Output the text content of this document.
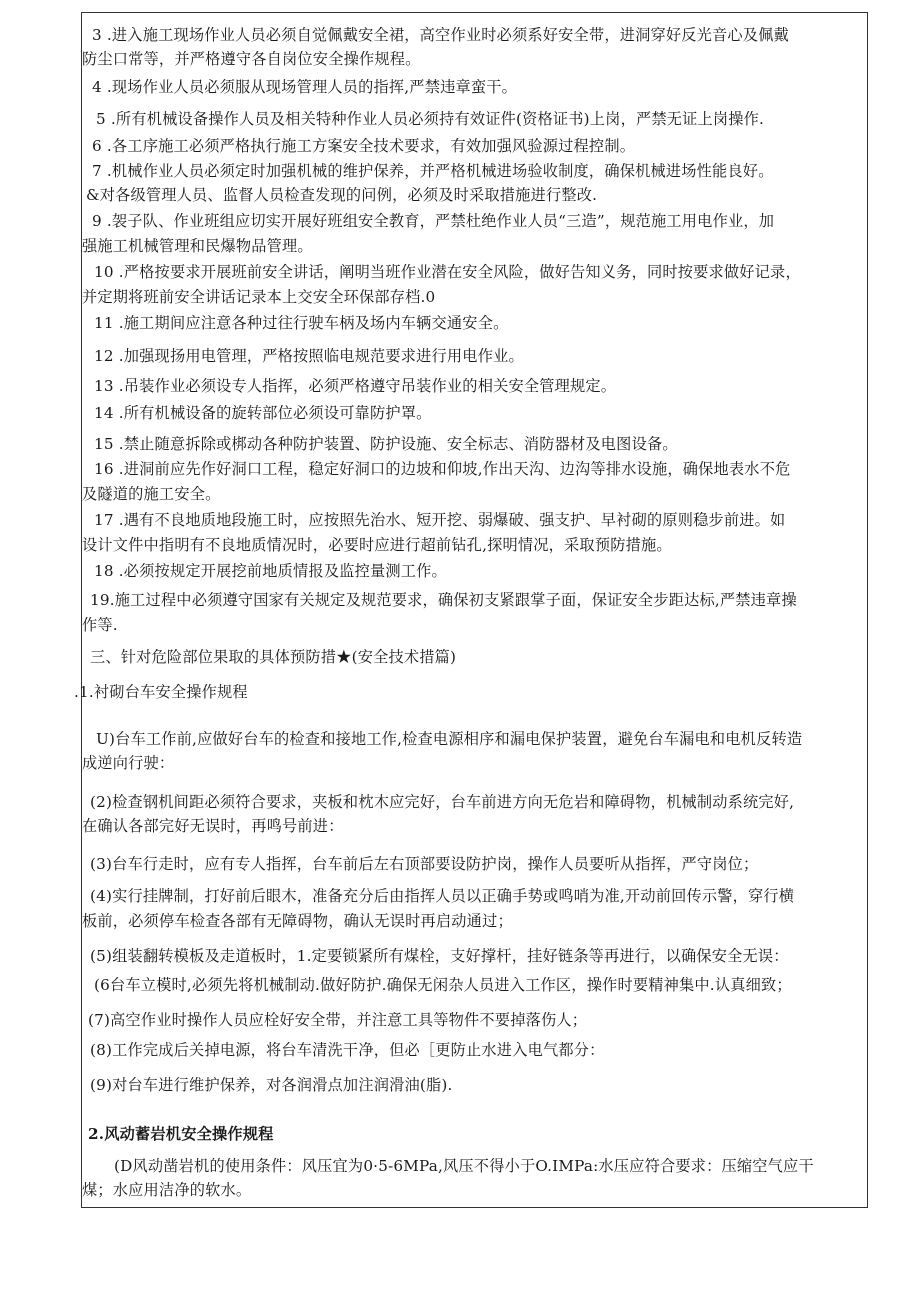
3 .进入施工现场作业人员必须自觉佩戴安全裙，高空作业时必须系好安全带，进洞穿好反光音心及佩戴
防尘口常等，并严格遵守各自岗位安全操作规程。
4 .现场作业人员必须服从现场管理人员的指挥,严禁违章蛮干。
5 .所有机械设备操作人员及相关特种作业人员必须持有效证件(资格证书)上岗，严禁无证上岗操作.
6 .各工序施工必须严格执行施工方案安全技术要求，有效加强风验源过程控制。
7 .机械作业人员必须定时加强机械的维护保养，并严格机械进场验收制度，确保机械进场性能良好。
&对各级管理人员、监督人员检查发现的问例，必须及时采取措施进行整改.
9 .袈子队、作业班组应切实开展好班组安全教育，严禁杜绝作业人员“三造”，规范施工用电作业，加
强施工机械管理和民爆物品管理。
10 .严格按要求开展班前安全讲话，阐明当班作业潜在安全风险，做好告知义务，同时按要求做好记录，
并定期将班前安全讲话记录本上交安全环保部存档.0
11 .施工期间应注意各种过往行驶车柄及场内车辆交通安全。
12 .加强现扬用电管理，严格按照临电规范要求进行用电作业。
13 .吊装作业必须设专人指挥，必须严格遵守吊装作业的相关安全管理规定。
14 .所有机械设备的旋转部位必须设可靠防护罩。
15 .禁止随意拆除或梆动各种防护装置、防护设施、安全标志、消防器材及电图设备。
16 .进洞前应先作好洞口工程，稳定好洞口的边坡和仰坡,作出天沟、边沟等排水设施，确保地表水不危
及隧道的施工安全。
17 .遇有不良地质地段施工时，应按照先治水、短开挖、弱爆破、强支护、早衬砌的原则稳步前进。如
设计文件中指明有不良地质情况时，必要时应进行超前钻孔,探明情况，采取预防措施。
18 .必须按规定开展挖前地质情报及监控量测工作。
19.施工过程中必须遵守国家有关规定及规范要求，确保初支紧跟掌子面，保证安全步距达标,严禁违章操
作等.
三、针对危险部位果取的具体预防措★(安全技术措篇)
.1.衬砌台车安全操作规程
U)台车工作前,应做好台车的检查和接地工作,检查电源相序和漏电保护装置，避免台车漏电和电机反转造
成逆向行驶：
(2)检查钢机间距必须符合要求，夹板和枕木应完好，台车前进方向无危岩和障碍物，机械制动系统完好,
在确认各部完好无误时，再鸣号前进：
(3)台车行走时，应有专人指挥，台车前后左右顶部要设防护岗，操作人员要听从指挥，严守岗位；
(4)实行挂牌制，打好前后眼木，准备充分后由指挥人员以正确手势或鸣哨为准,开动前回传示警，穿行横
板前，必须停车检查各部有无障碍物，确认无误时再启动通过；
(5)组装翻转模板及走道板时，1.定要锁紧所有煤栓，支好撑杆，挂好链条等再进行，以确保安全无误：
(6台车立模时,必须先将机械制动.做好防护.确保无闲杂人员进入工作区，操作时要精神集中.认真细致；
(7)高空作业时操作人员应栓好安全带，并注意工具等物件不要掉落伤人；
(8)工作完成后关掉电源，将台车清洗干净，但必［更防止水进入电气都分：
(9)对台车进行维护保养，对各润滑点加注润滑油(脂).
2.风动蓄岩机安全操作规程
(D风动凿岩机的使用条件：风压宜为0·5-6MPa,风压不得小于O.IMPa:水压应符合要求：压缩空气应干
煤；水应用洁净的软水。
